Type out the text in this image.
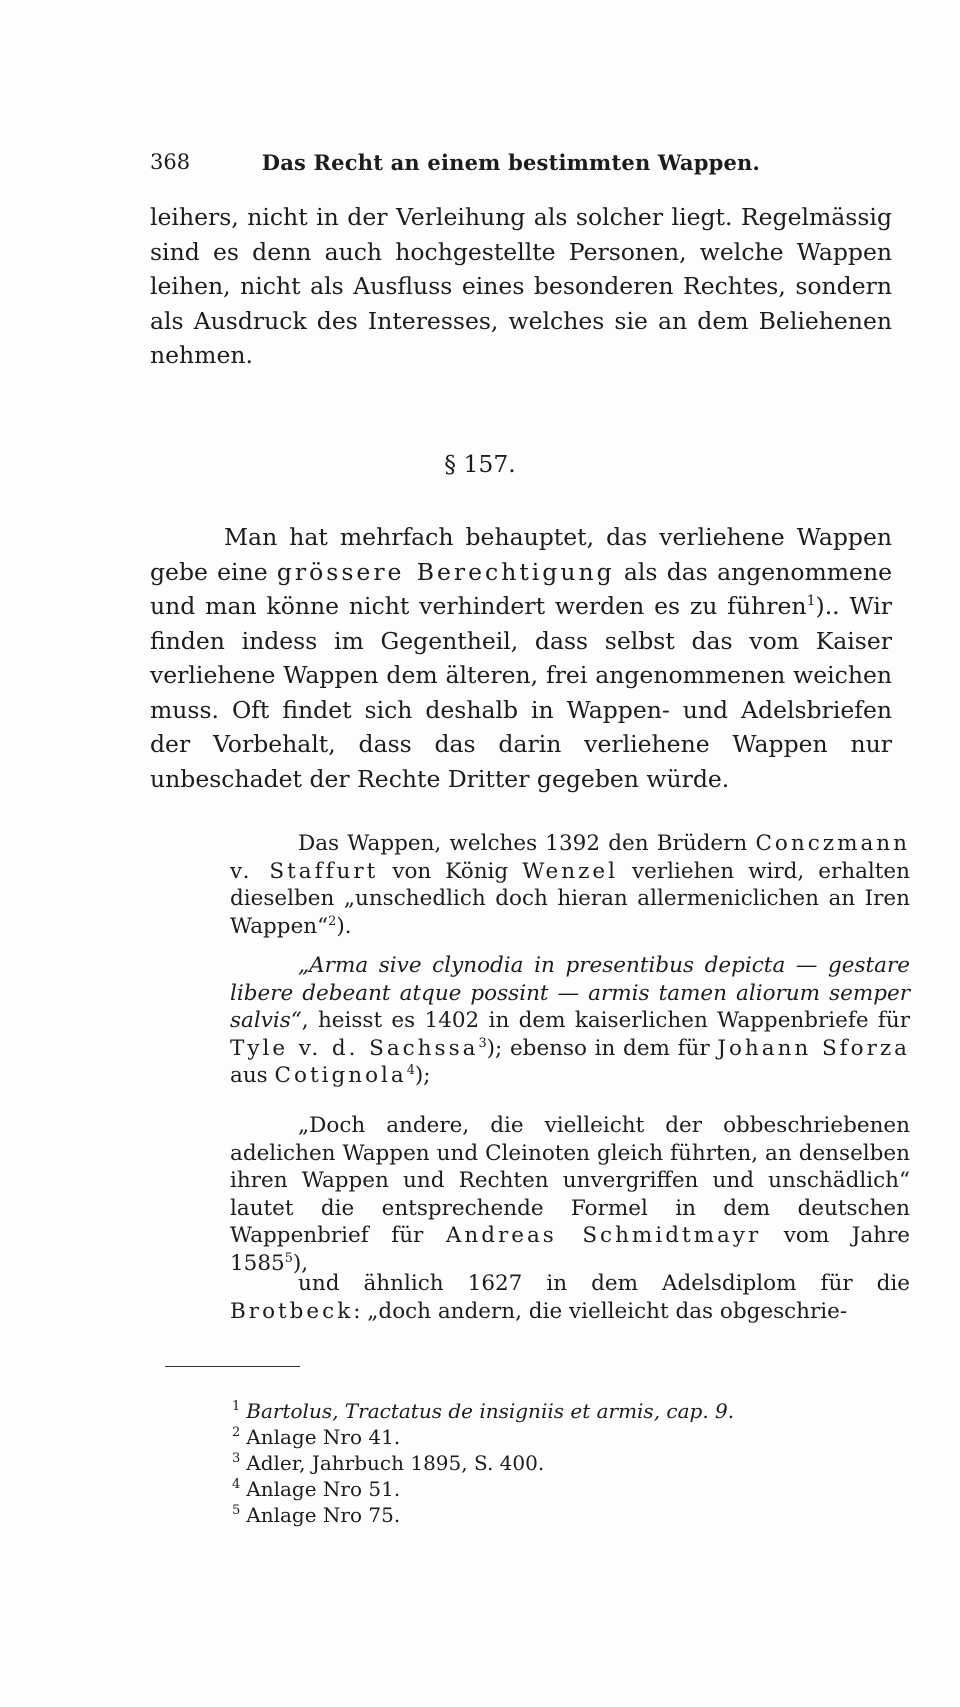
368	Das Recht an einem bestimmten Wappen.
leihers, nicht in der Verleihung als solcher liegt. Regelmässig sind es denn auch hochgestellte Personen, welche Wappen leihen, nicht als Ausfluss eines besonderen Rechtes, sondern als Ausdruck des Interesses, welches sie an dem Beliehenen nehmen.
§ 157.
Man hat mehrfach behauptet, das verliehene Wappen gebe eine grössere Berechtigung als das angenommene und man könne nicht verhindert werden es zu führen$^1$).. Wir finden indess im Gegentheil, dass selbst das vom Kaiser verliehene Wappen dem älteren, frei angenommenen weichen muss. Oft findet sich deshalb in Wappen- und Adelsbriefen der Vorbehalt, dass das darin verliehene Wappen nur unbeschadet der Rechte Dritter gegeben würde.
Das Wappen, welches 1392 den Brüdern Conczmann v. Staffurt von König Wenzel verliehen wird, erhalten dieselben „unschedlich doch hieran allermeniclichen an Iren Wappen“$^2$).
„Arma sive clynodia in presentibus depicta — gestare libere debeant atque possint — armis tamen aliorum semper salvis“, heisst es 1402 in dem kaiserlichen Wappenbriefe für Tyle v. d. Sachssa$^3$); ebenso in dem für Johann Sforza aus Cotignola$^4$);
„Doch andere, die vielleicht der obbeschriebenen adelichen Wappen und Cleinoten gleich führten, an denselben ihren Wappen und Rechten unvergriffen und unschädlich“ lautet die entsprechende Formel in dem deutschen Wappenbrief für Andreas Schmidtmayr vom Jahre 1585$^5$),
und ähnlich 1627 in dem Adelsdiplom für die Brotbeck: „doch andern, die vielleicht das obgeschrie-
$^1$ Bartolus, Tractatus de insigniis et armis, cap. 9.
$^2$ Anlage Nro 41.
$^3$ Adler, Jahrbuch 1895, S. 400.
$^4$ Anlage Nro 51.
$^5$ Anlage Nro 75.
